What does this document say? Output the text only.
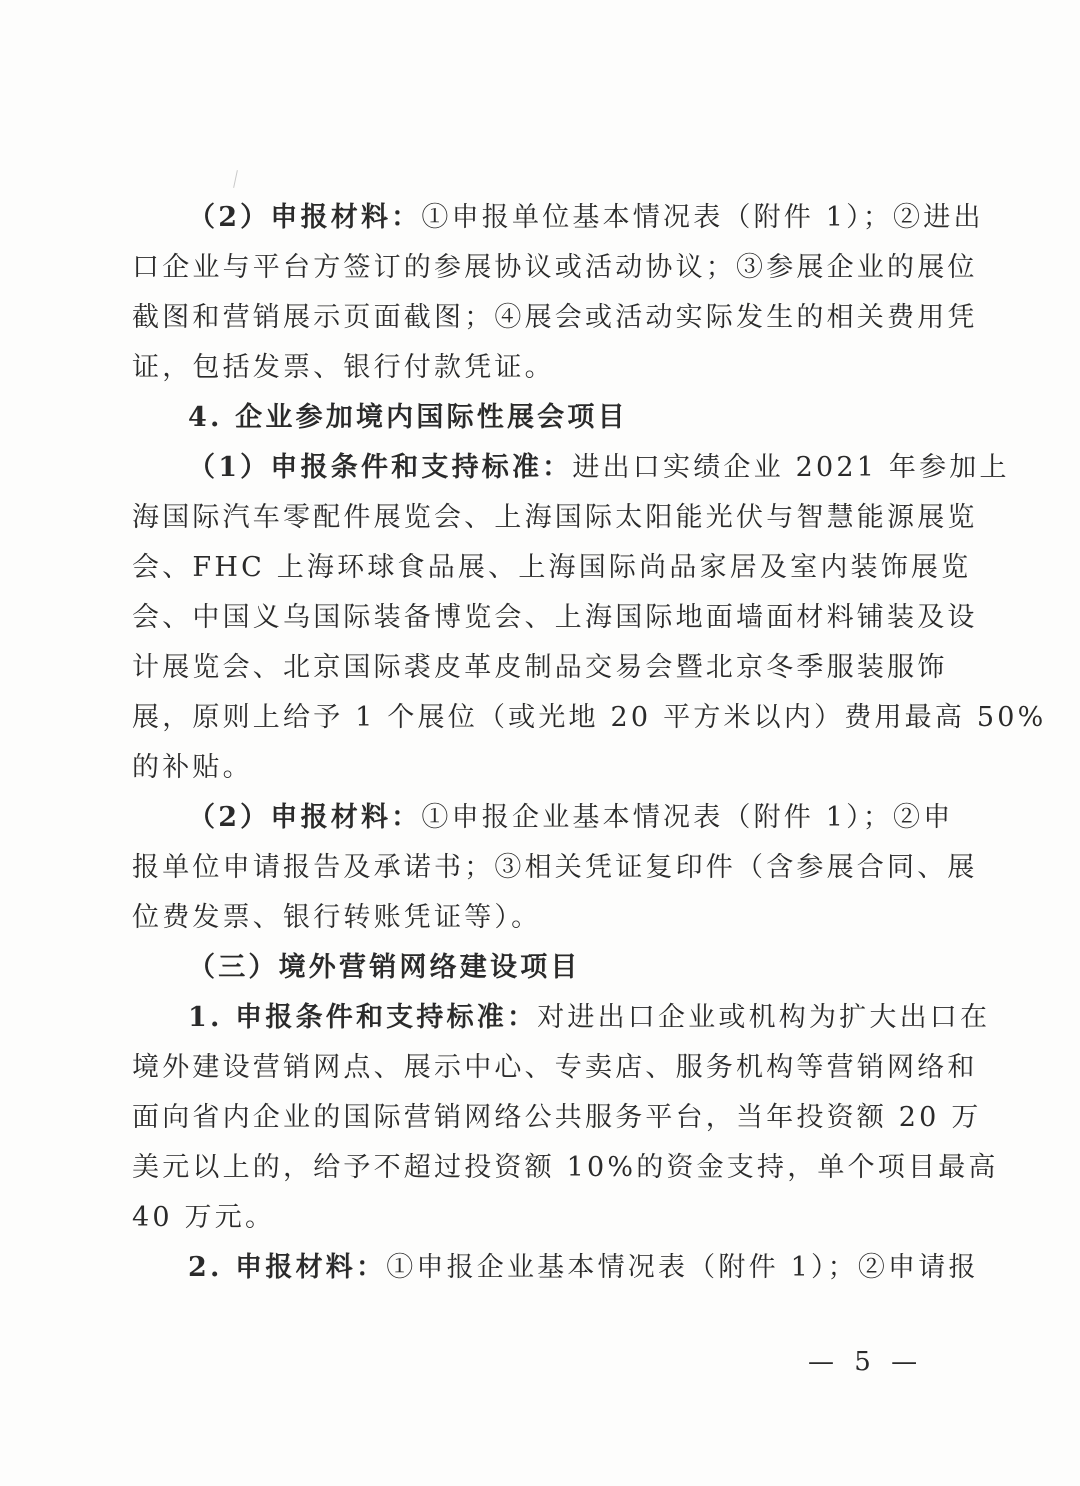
（2）申报材料：①申报单位基本情况表（附件 1）；②进出
口企业与平台方签订的参展协议或活动协议；③参展企业的展位
截图和营销展示页面截图；④展会或活动实际发生的相关费用凭
证，包括发票、银行付款凭证。
4. 企业参加境内国际性展会项目
（1）申报条件和支持标准：进出口实绩企业 2021 年参加上
海国际汽车零配件展览会、上海国际太阳能光伏与智慧能源展览
会、FHC 上海环球食品展、上海国际尚品家居及室内装饰展览
会、中国义乌国际装备博览会、上海国际地面墙面材料铺装及设
计展览会、北京国际裘皮革皮制品交易会暨北京冬季服装服饰
展，原则上给予 1 个展位（或光地 20 平方米以内）费用最高 50%
的补贴。
（2）申报材料：①申报企业基本情况表（附件 1）；②申
报单位申请报告及承诺书；③相关凭证复印件（含参展合同、展
位费发票、银行转账凭证等）。
（三）境外营销网络建设项目
1. 申报条件和支持标准：对进出口企业或机构为扩大出口在
境外建设营销网点、展示中心、专卖店、服务机构等营销网络和
面向省内企业的国际营销网络公共服务平台，当年投资额 20 万
美元以上的，给予不超过投资额 10%的资金支持，单个项目最高
40 万元。
2. 申报材料：①申报企业基本情况表（附件 1）；②申请报
— 5 —
